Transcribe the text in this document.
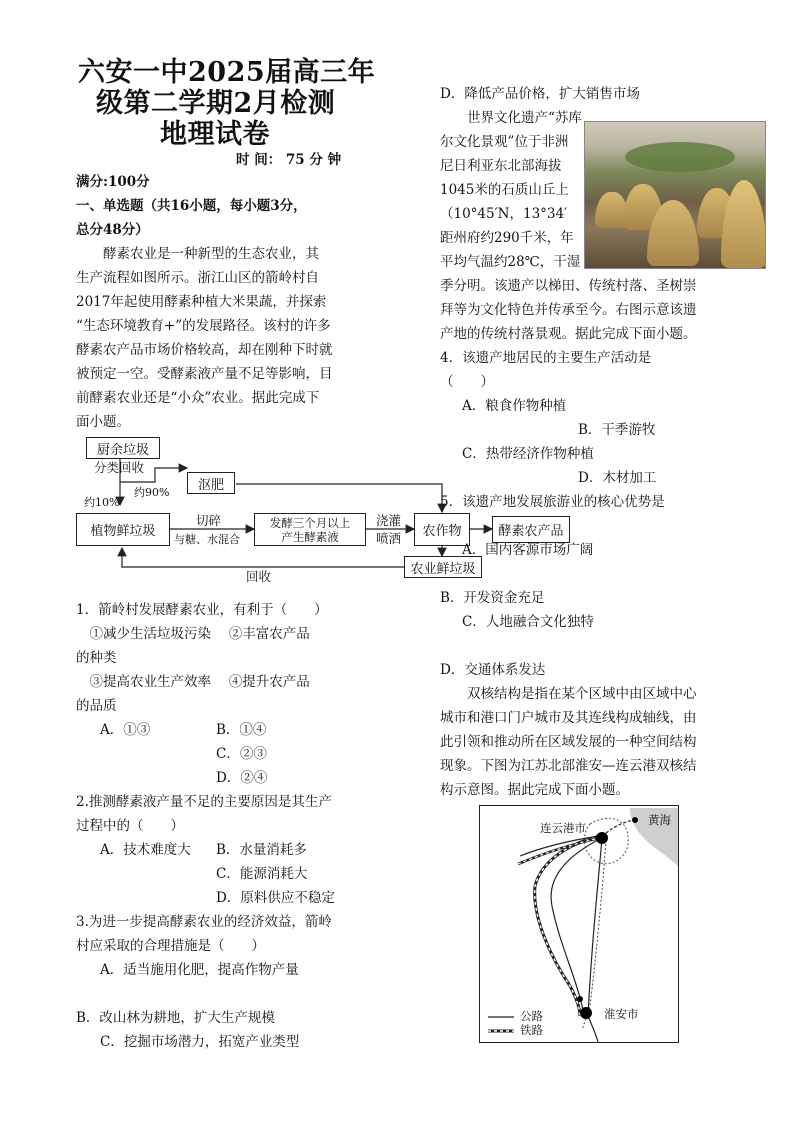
六安一中2025届高三年
级第二学期2月检测
地理试卷
时 间： 75 分 钟
满分:100分
一、单选题（共16小题，每小题3分，
总分48分）
　　酵素农业是一种新型的生态农业，其
生产流程如图所示。浙江山区的箭岭村自
2017年起使用酵素种植大米果蔬，并探索
“生态环境教育+”的发展路径。该村的许多
酵素农产品市场价格较高，却在刚种下时就
被预定一空。受酵素液产量不足等影响，目
前酵素农业还是“小众”农业。据此完成下
面小题。
厨余垃圾
分类回收
约90%
约10%
沤肥
植物鲜垃圾
切碎
与糖、水混合
发酵三个月以上
产生酵素液
浇灌
喷洒	农作物	酵素农产品
农业鲜垃圾
回收
1．箭岭村发展酵素农业，有利于（　　）
　①减少生活垃圾污染　 ②丰富农产品
的种类
　③提高农业生产效率　 ④提升农产品
的品质
A．①③	B．①④
C．②③
D．②④
2.推测酵素液产量不足的主要原因是其生产
过程中的（　　）
A．技术难度大 B．水量消耗多
C．能源消耗大
D．原料供应不稳定
3.为进一步提高酵素农业的经济效益，箭岭
村应采取的合理措施是（　　）
A．适当施用化肥，提高作物产量
B．改山林为耕地，扩大生产规模
C．挖掘市场潜力，拓宽产业类型
D．降低产品价格，扩大销售市场
　　世界文化遗产“苏库
尔文化景观”位于非洲
尼日利亚东北部海拔
1045米的石质山丘上
（10°45′N，13°34′
距州府约290千米，年
平均气温约28℃，干湿
季分明。该遗产以梯田、传统村落、圣树崇
拜等为文化特色并传承至今。右图示意该遗
产地的传统村落景观。据此完成下面小题。
4．该遗产地居民的主要生产活动是
（　　）
A．粮食作物种植
B．干季游牧
C．热带经济作物种植
D．木材加工
5．该遗产地发展旅游业的核心优势是
A．国内客源市场广阔
B．开发资金充足
C．人地融合文化独特
D．交通体系发达
　　双核结构是指在某个区域中由区域中心
城市和港口门户城市及其连线构成轴线，由
此引领和推动所在区域发展的一种空间结构
现象。下图为江苏北部淮安—连云港双核结
构示意图。据此完成下面小题。
连云港市
黄海
淮安市
公路
铁路
